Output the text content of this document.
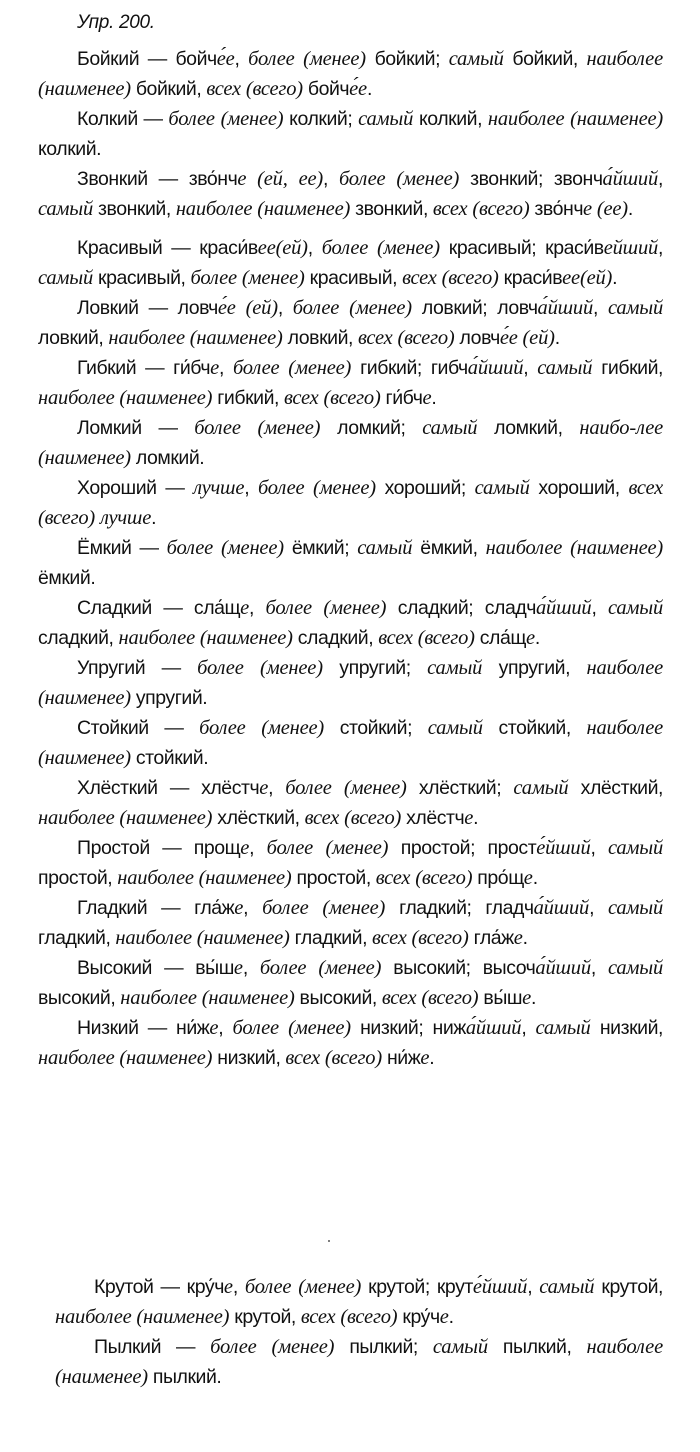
Упр. 200.

Бойкий — бойче́е, более (менее) бойкий; самый бойкий, наиболее (наименее) бойкий, всех (всего) бойче́е.

Колкий — более (менее) колкий; самый колкий, наиболее (наименее) колкий.

Звонкий — зво́нче (ей, ее), более (менее) звонкий; звонча́йший, самый звонкий, наиболее (наименее) звонкий, всех (всего) зво́нче (ее).

Красивый — краси́вее(ей), более (менее) красивый; краси́вейший, самый красивый, более (менее) красивый, всех (всего) краси́вее(ей).

Ловкий — ловче́е (ей), более (менее) ловкий; ловча́йший, самый ловкий, наиболее (наименее) ловкий, всех (всего) ловче́е (ей).

Гибкий — ги́бче, более (менее) гибкий; гибча́йший, самый гибкий, наиболее (наименее) гибкий, всех (всего) ги́бче.

Ломкий — более (менее) ломкий; самый ломкий, наибо-лее (наименее) ломкий.

Хороший — лучше, более (менее) хороший; самый хороший, всех (всего) лучше.

Ёмкий — более (менее) ёмкий; самый ёмкий, наиболее (наименее) ёмкий.

Сладкий — сла́ще, более (менее) сладкий; сладча́йший, самый сладкий, наиболее (наименее) сладкий, всех (всего) сла́ще.

Упругий — более (менее) упругий; самый упругий, наиболее (наименее) упругий.

Стойкий — более (менее) стойкий; самый стойкий, наиболее (наименее) стойкий.

Хлёсткий — хлёстче, более (менее) хлёсткий; самый хлёсткий, наиболее (наименее) хлёсткий, всех (всего) хлёстче.

Простой — проще, более (менее) простой; просте́йший, самый простой, наиболее (наименее) простой, всех (всего) про́ще.

Гладкий — гла́же, более (менее) гладкий; гладча́йший, самый гладкий, наиболее (наименее) гладкий, всех (всего) гла́же.

Высокий — вы́ше, более (менее) высокий; высоча́йший, самый высокий, наиболее (наименее) высокий, всех (всего) вы́ше.

Низкий — ни́же, более (менее) низкий; нижа́йший, самый низкий, наиболее (наименее) низкий, всех (всего) ни́же.

Крутой — кру́че, более (менее) крутой; круте́йший, самый крутой, наиболее (наименее) крутой, всех (всего) кру́че.

Пылкий — более (менее) пылкий; самый пылкий, наиболее (наименее) пылкий.
